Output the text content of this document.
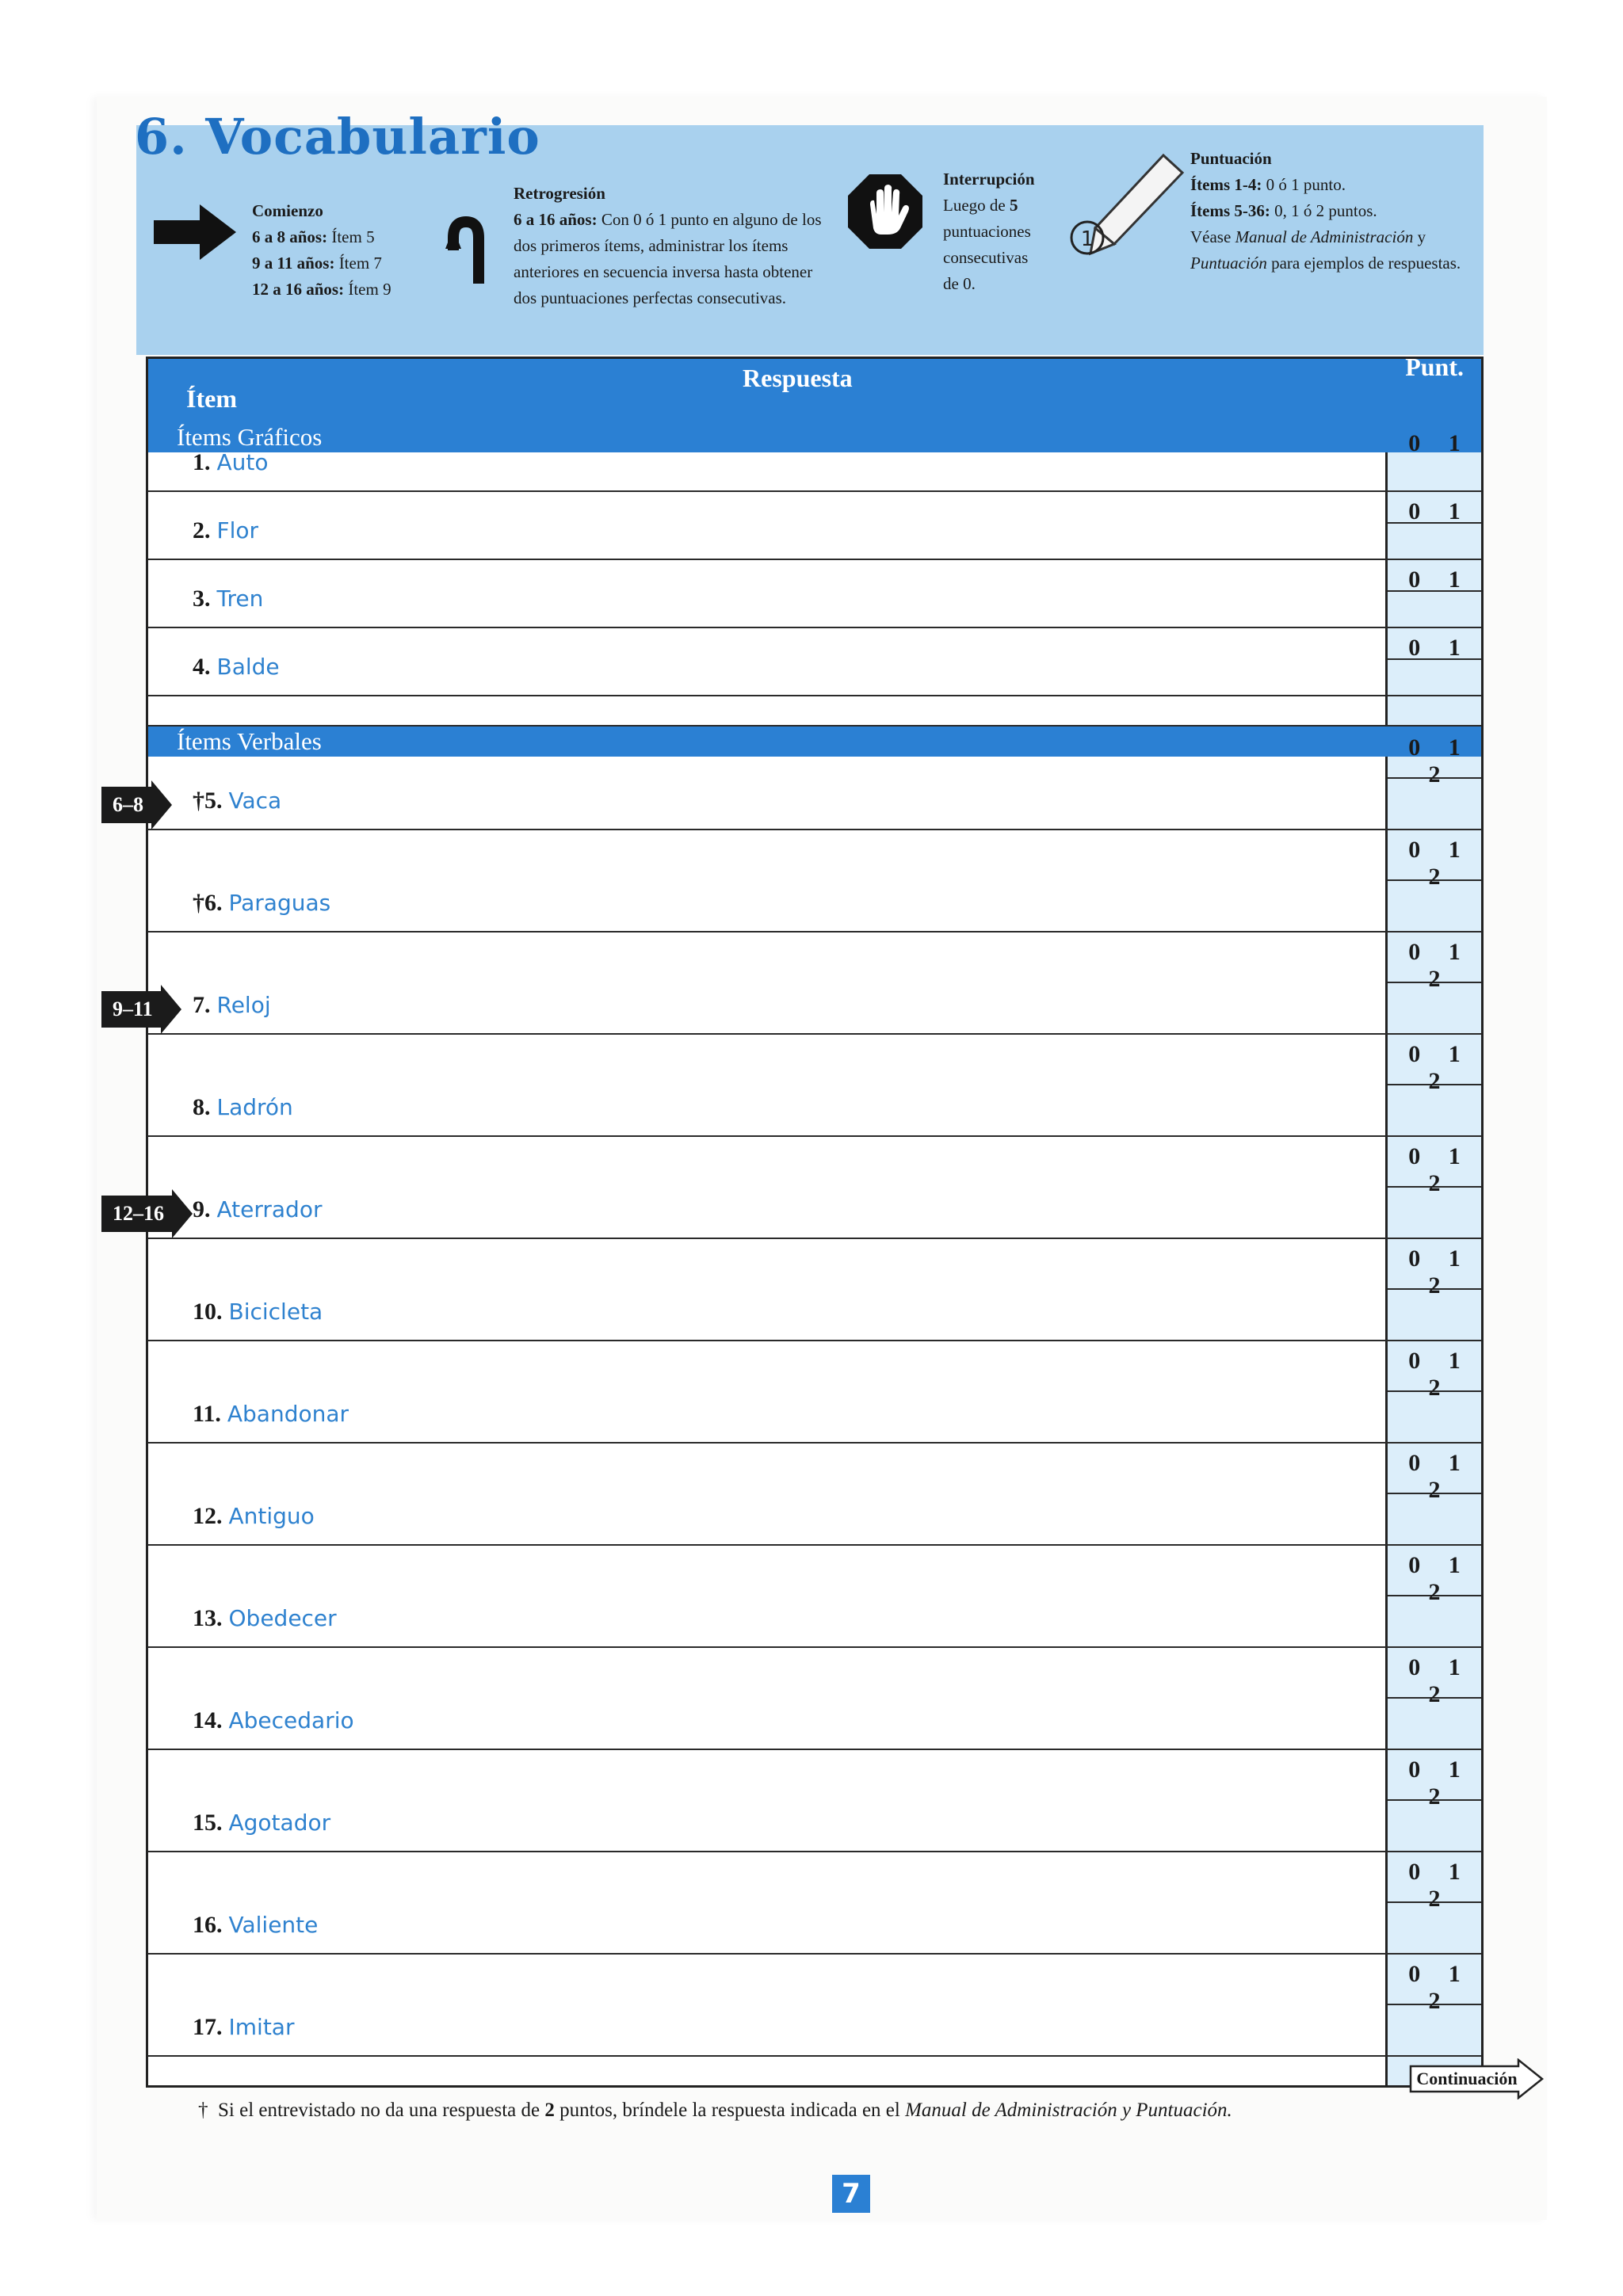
Comienzo
6 a 8 años: Ítem 5
9 a 11 años: Ítem 7
12 a 16 años: Ítem 9
Retrogresión
6 a 16 años: Con 0 ó 1 punto en alguno de los
dos primeros ítems, administrar los ítems
anteriores en secuencia inversa hasta obtener
dos puntuaciones perfectas consecutivas.
Interrupción
Luego de 5
puntuaciones
consecutivas
de 0.
1
Puntuación
Ítems 1-4: 0 ó 1 punto.
Ítems 5-36: 0, 1 ó 2 puntos.
Véase Manual de Administración y
Puntuación para ejemplos de respuestas.
6. Vocabulario
Ítem
Respuesta	Punt.
Ítems Gráficos
1. Auto
0 1
2. Flor
0 1
3. Tren
0 1
4. Balde
0 1
Ítems Verbales
†5. Vaca
0 1 2
†6. Paraguas
0 1 2
7. Reloj
0 1 2
8. Ladrón
0 1 2
9. Aterrador
0 1 2
10. Bicicleta
0 1 2
11. Abandonar
0 1 2
12. Antiguo
0 1 2
13. Obedecer
0 1 2
14. Abecedario
0 1 2
15. Agotador
0 1 2
16. Valiente
0 1 2
17. Imitar
0 1 2
6–8
9–11
12–16
† Si el entrevistado no da una respuesta de 2 puntos, bríndele la respuesta indicada en el Manual de Administración y Puntuación.
Continuación
7
